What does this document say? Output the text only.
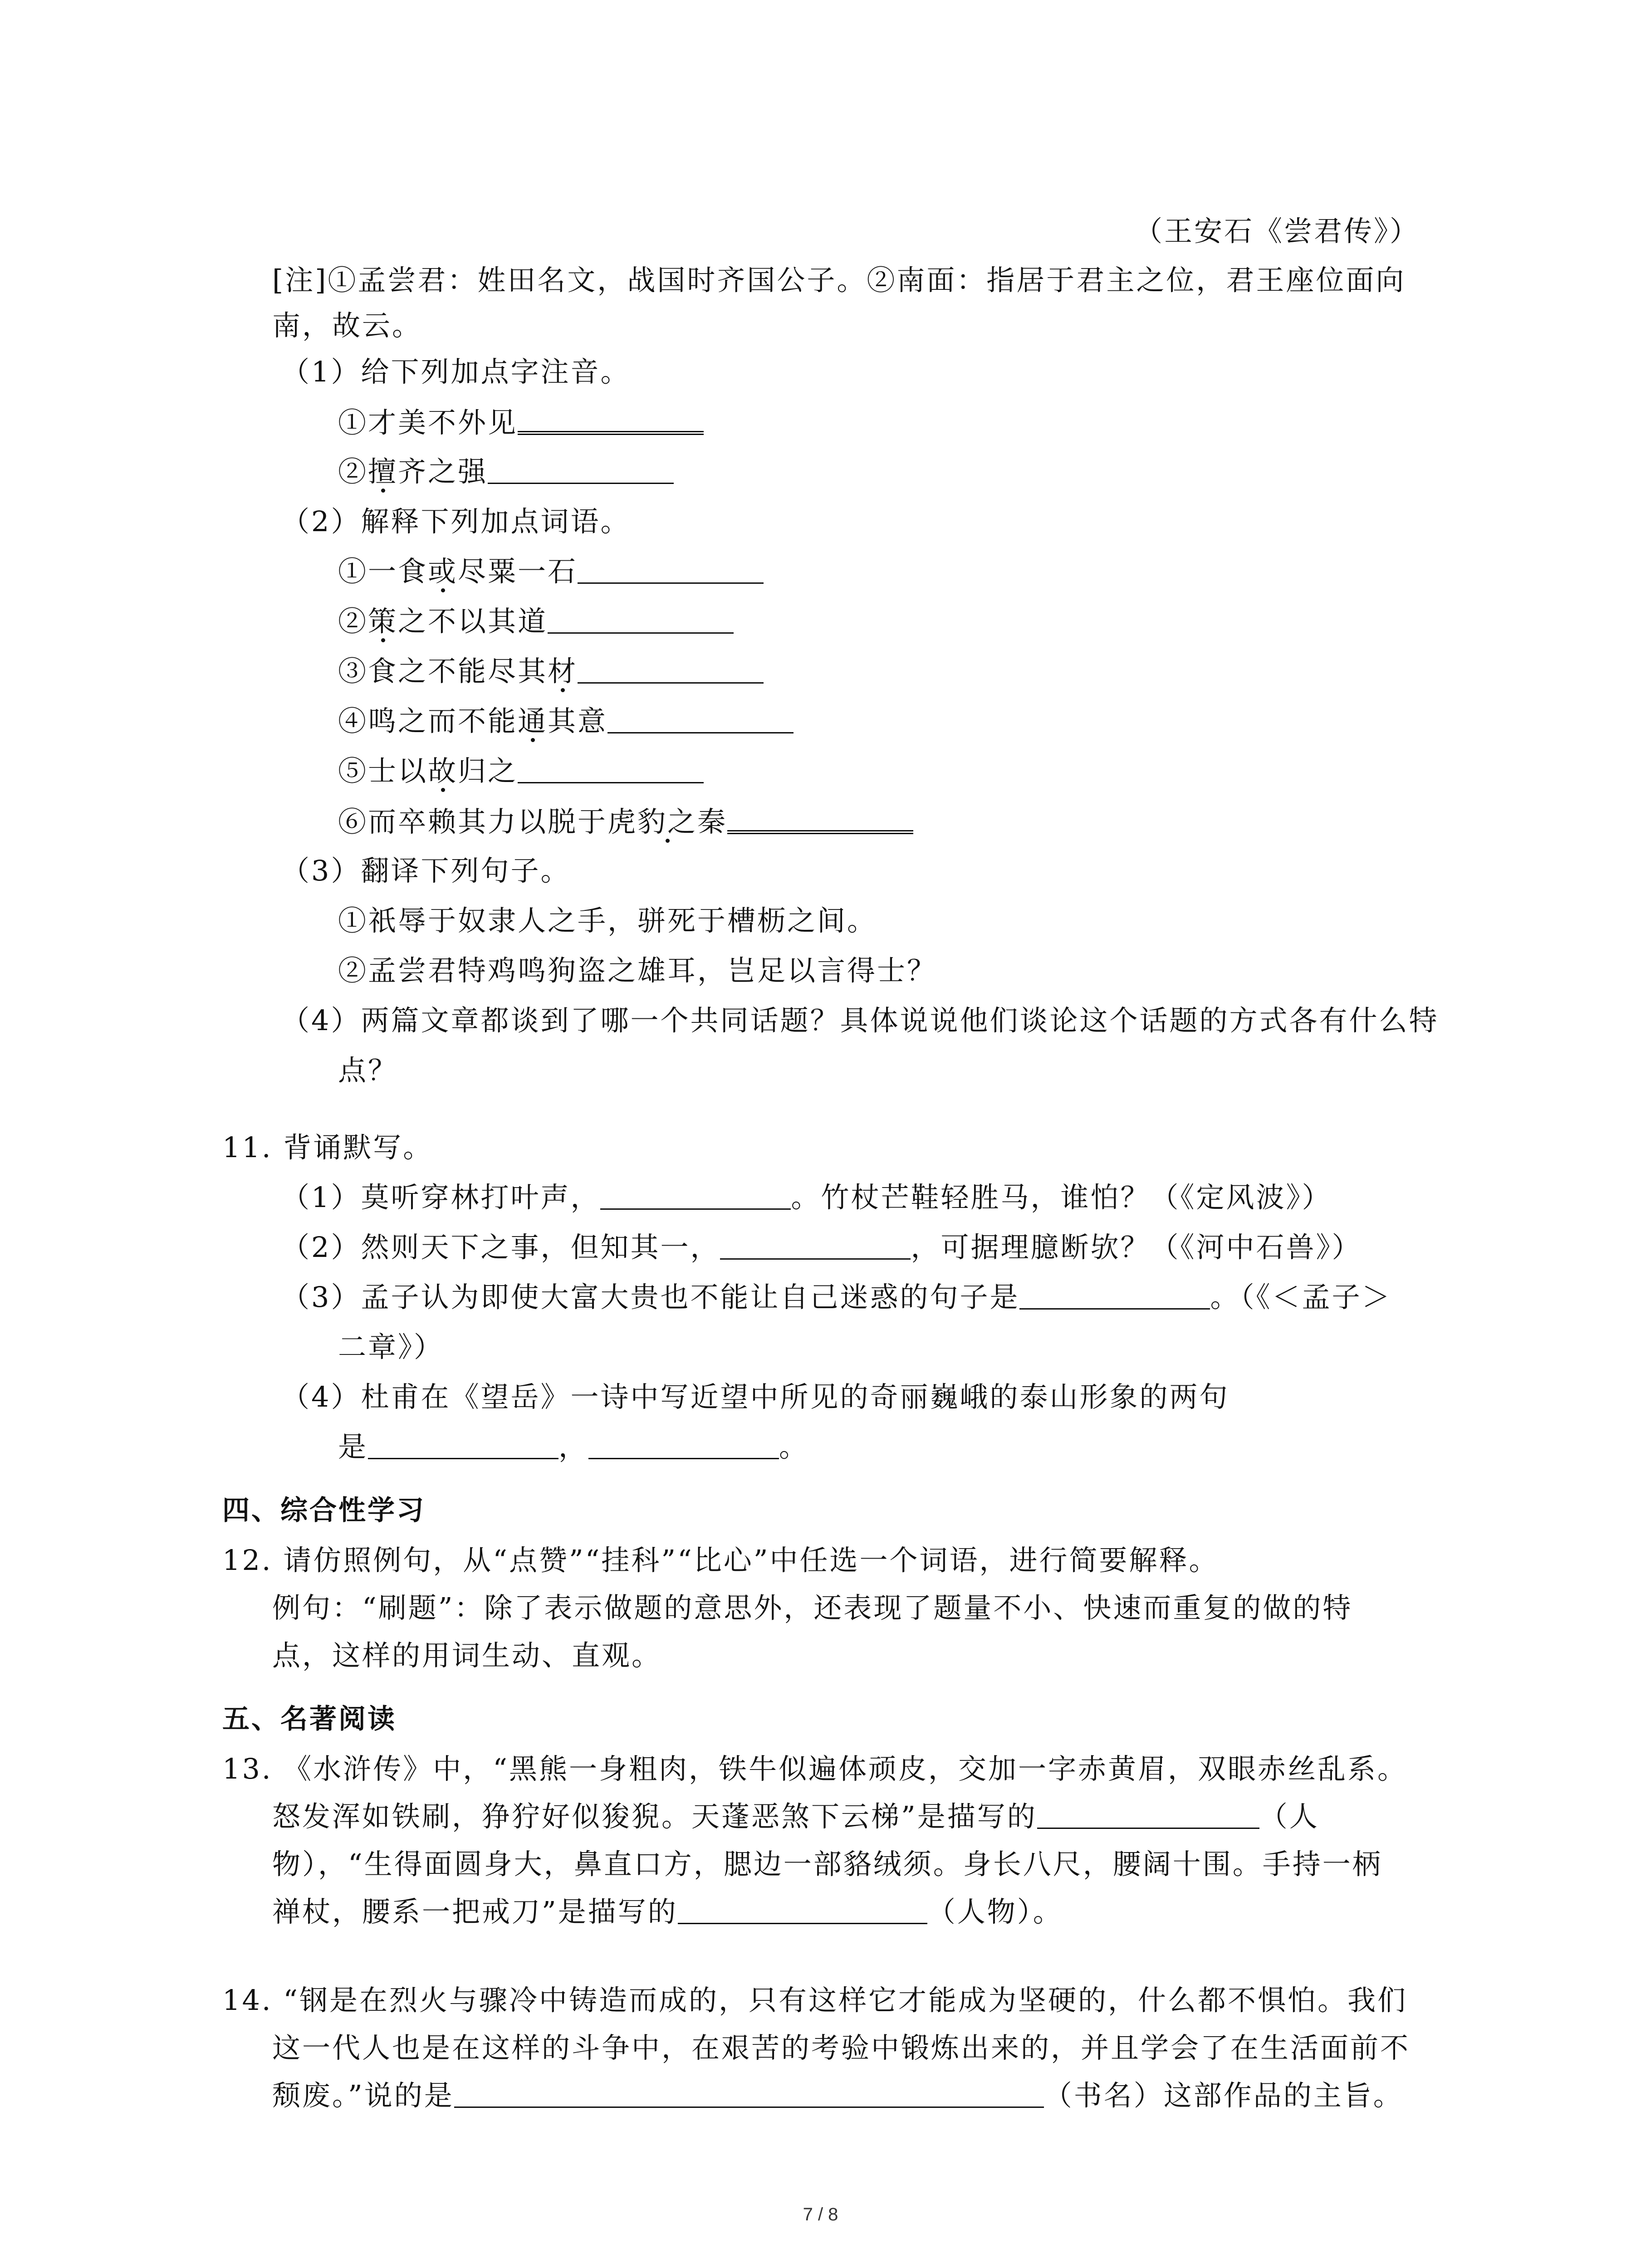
（王安石《尝君传》）
[注]①孟尝君：姓田名文，战国时齐国公子。②南面：指居于君主之位，君王座位面向
南，故云。
（1）给下列加点字注音。
①才美不外见
②擅齐之强
（2）解释下列加点词语。
①一食或尽粟一石
②策之不以其道
③食之不能尽其材
④鸣之而不能通其意
⑤士以故归之
⑥而卒赖其力以脱于虎豹之秦
（3）翻译下列句子。
①祇辱于奴隶人之手，骈死于槽枥之间。
②孟尝君特鸡鸣狗盗之雄耳，岂足以言得士？
（4）两篇文章都谈到了哪一个共同话题？具体说说他们谈论这个话题的方式各有什么特
点？
11. 背诵默写。
（1）莫听穿林打叶声，	。竹杖芒鞋轻胜马，谁怕？（《定风波》）
（2）然则天下之事，但知其一，	，可据理臆断欤？（《河中石兽》）
（3）孟子认为即使大富大贵也不能让自己迷惑的句子是	。（《＜孟子＞
二章》）
（4）杜甫在《望岳》一诗中写近望中所见的奇丽巍峨的泰山形象的两句
是	，	。
四、综合性学习
12. 请仿照例句，从“点赞”“挂科”“比心”中任选一个词语，进行简要解释。
例句：“刷题”：除了表示做题的意思外，还表现了题量不小、快速而重复的做的特
点，这样的用词生动、直观。
五、名著阅读
13. 《水浒传》中，“黑熊一身粗肉，铁牛似遍体顽皮，交加一字赤黄眉，双眼赤丝乱系。
怒发浑如铁刷，狰狞好似狻猊。天蓬恶煞下云梯”是描写的	（人
物），“生得面圆身大，鼻直口方，腮边一部貉绒须。身长八尺，腰阔十围。手持一柄
禅杖，腰系一把戒刀”是描写的	（人物）。
14. “钢是在烈火与骤冷中铸造而成的，只有这样它才能成为坚硬的，什么都不惧怕。我们
这一代人也是在这样的斗争中，在艰苦的考验中锻炼出来的，并且学会了在生活面前不
颓废。”说的是	（书名）这部作品的主旨。
7 / 8
